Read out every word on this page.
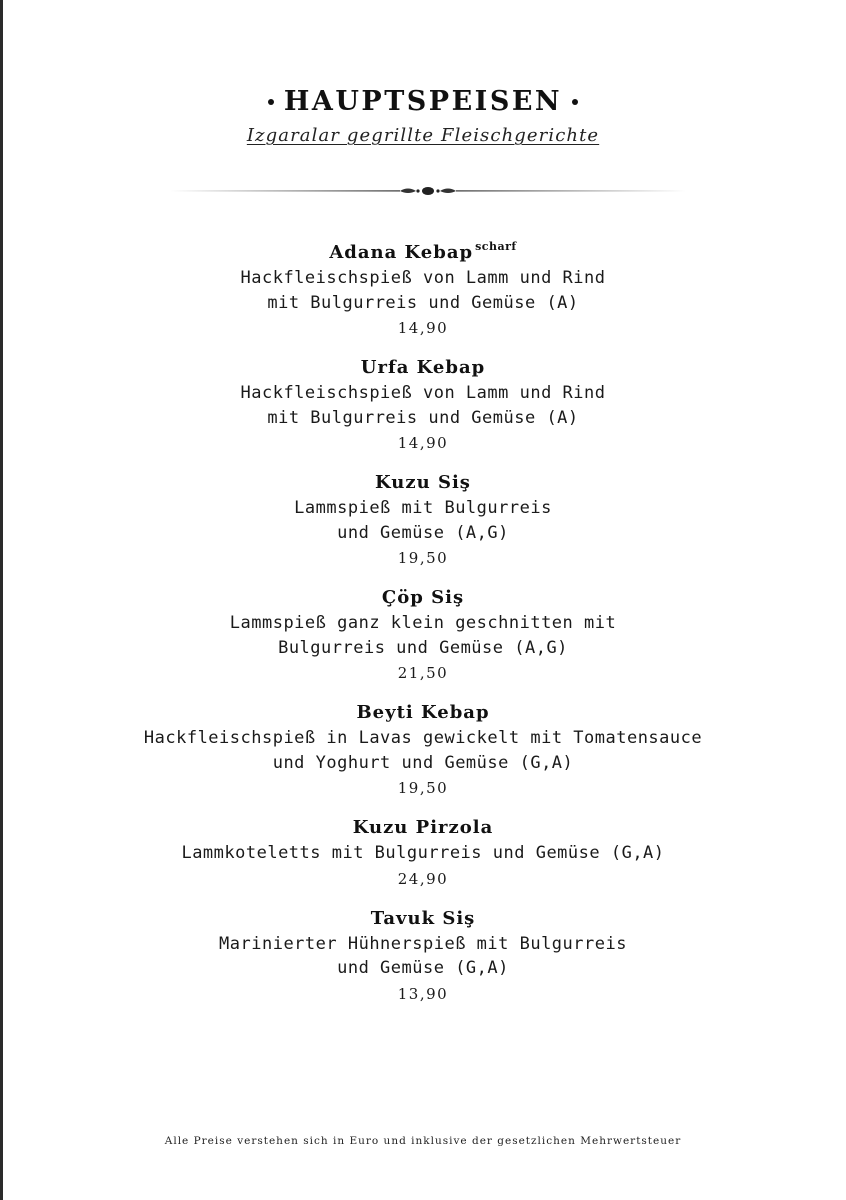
HAUPTSPEISEN
Izgaralar gegrillte Fleischgerichte
Adana Kebap $^{scharf}$
Hackfleischspieß von Lamm und Rind
mit Bulgurreis und Gemüse (A)
14,90
Urfa Kebap
Hackfleischspieß von Lamm und Rind
mit Bulgurreis und Gemüse (A)
14,90
Kuzu Siş
Lammspieß mit Bulgurreis
und Gemüse (A,G)
19,50
Çöp Siş
Lammspieß ganz klein geschnitten mit
Bulgurreis und Gemüse (A,G)
21,50
Beyti Kebap
Hackfleischspieß in Lavas gewickelt mit Tomatensauce
und Yoghurt und Gemüse (G,A)
19,50
Kuzu Pirzola
Lammkoteletts mit Bulgurreis und Gemüse (G,A)
24,90
Tavuk Siş
Marinierter Hühnerspieß mit Bulgurreis
und Gemüse (G,A)
13,90
Alle Preise verstehen sich in Euro und inklusive der gesetzlichen Mehrwertsteuer
